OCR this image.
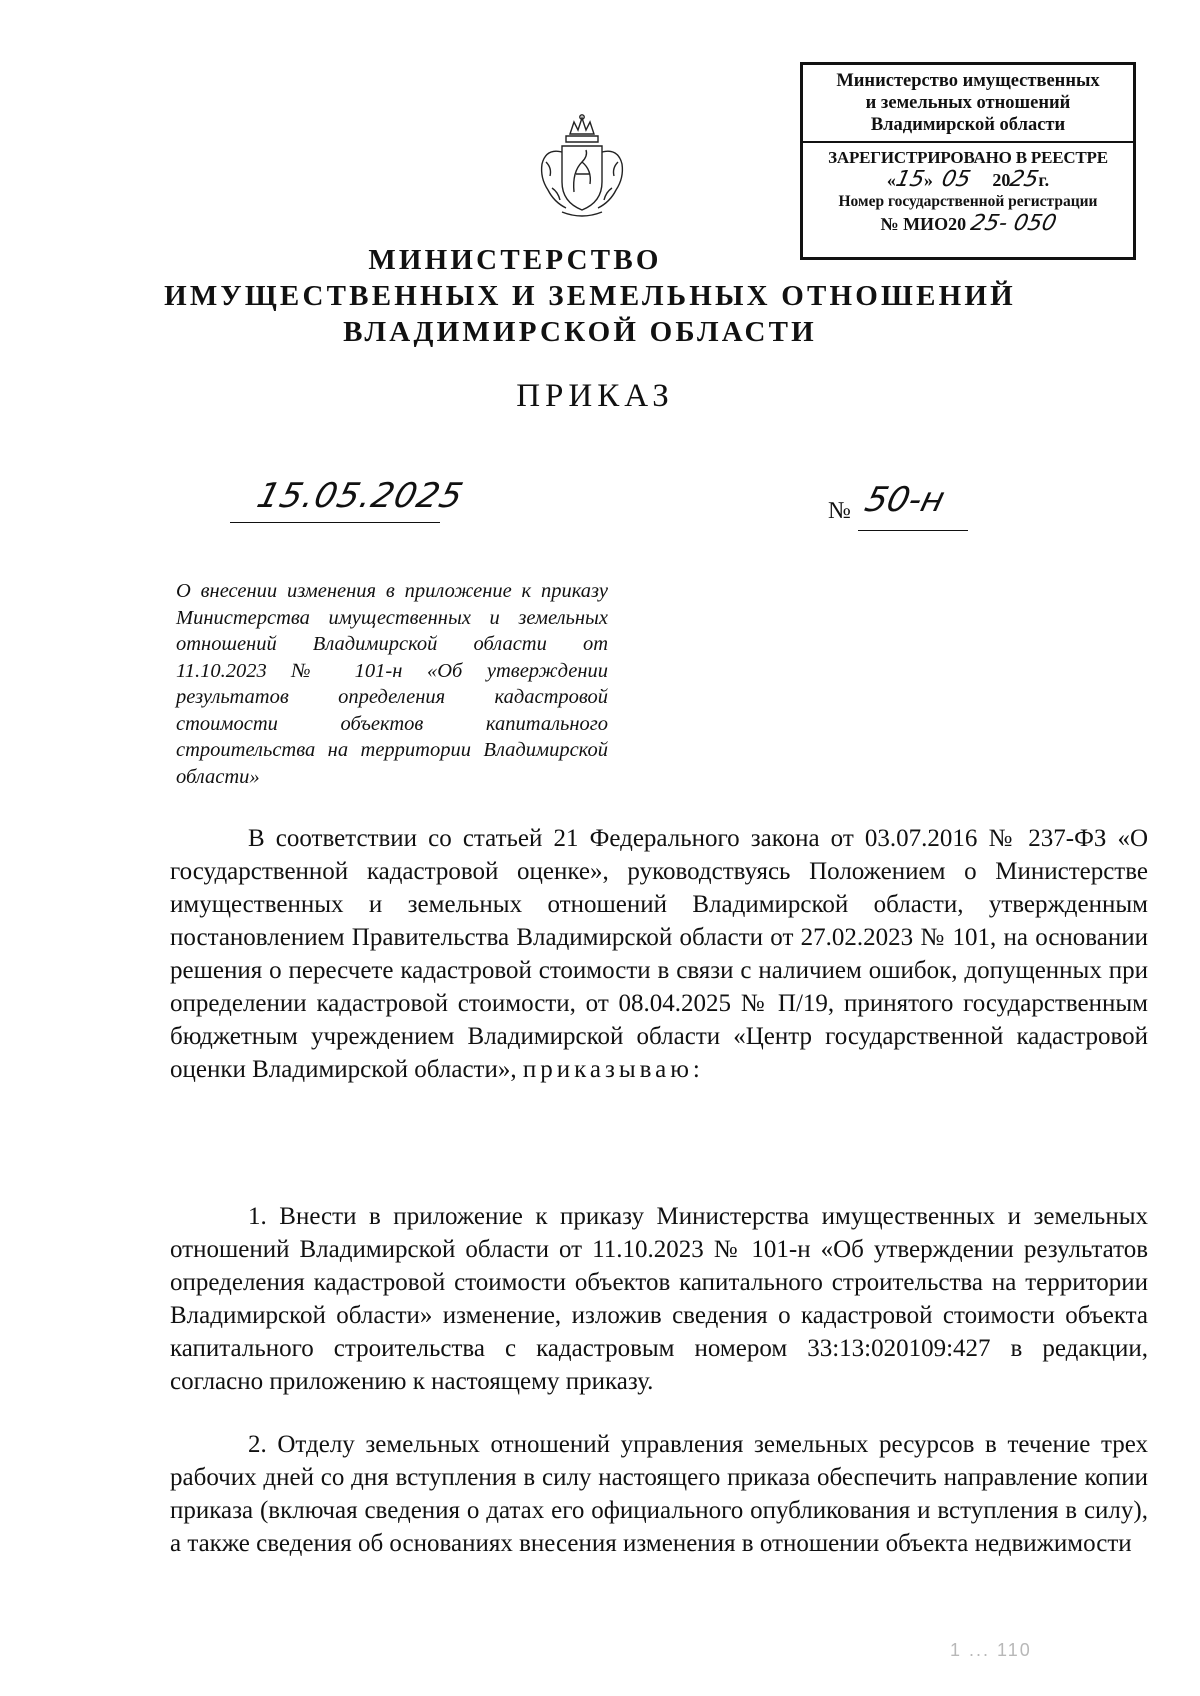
Министерство имущественных
и земельных отношений
Владимирской области
ЗАРЕГИСТРИРОВАНО В РЕЕСТРЕ
«15»  05 2025г.
Номер государственной регистрации
№ МИО20 25- 050
МИНИСТЕРСТВО
ИМУЩЕСТВЕННЫХ И ЗЕМЕЛЬНЫХ ОТНОШЕНИЙ
ВЛАДИМИРСКОЙ ОБЛАСТИ
ПРИКАЗ
15.05.2025	№ 50-н
О внесении изменения в приложение к приказу Министерства имущественных и земельных отношений Владимирской области от 11.10.2023 № 101-н «Об утверждении результатов определения кадастровой стоимости объектов капитального строительства на территории Владимирской области»

В соответствии со статьей 21 Федерального закона от 03.07.2016 № 237-ФЗ «О государственной кадастровой оценке», руководствуясь Положением о Министерстве имущественных и земельных отношений Владимирской области, утвержденным постановлением Правительства Владимирской области от 27.02.2023 № 101, на основании решения о пересчете кадастровой стоимости в связи с наличием ошибок, допущенных при определении кадастровой стоимости, от 08.04.2025 № П/19, принятого государственным бюджетным учреждением Владимирской области «Центр государственной кадастровой оценки Владимирской области», приказываю:

1. Внести в приложение к приказу Министерства имущественных и земельных отношений Владимирской области от 11.10.2023 № 101-н «Об утверждении результатов определения кадастровой стоимости объектов капитального строительства на территории Владимирской области» изменение, изложив сведения о кадастровой стоимости объекта капитального строительства с кадастровым номером 33:13:020109:427 в редакции, согласно приложению к настоящему приказу.

2. Отделу земельных отношений управления земельных ресурсов в течение трех рабочих дней со дня вступления в силу настоящего приказа обеспечить направление копии приказа (включая сведения о датах его официального опубликования и вступления в силу), а также сведения об основаниях внесения изменения в отношении объекта недвижимости

1 ... 110
